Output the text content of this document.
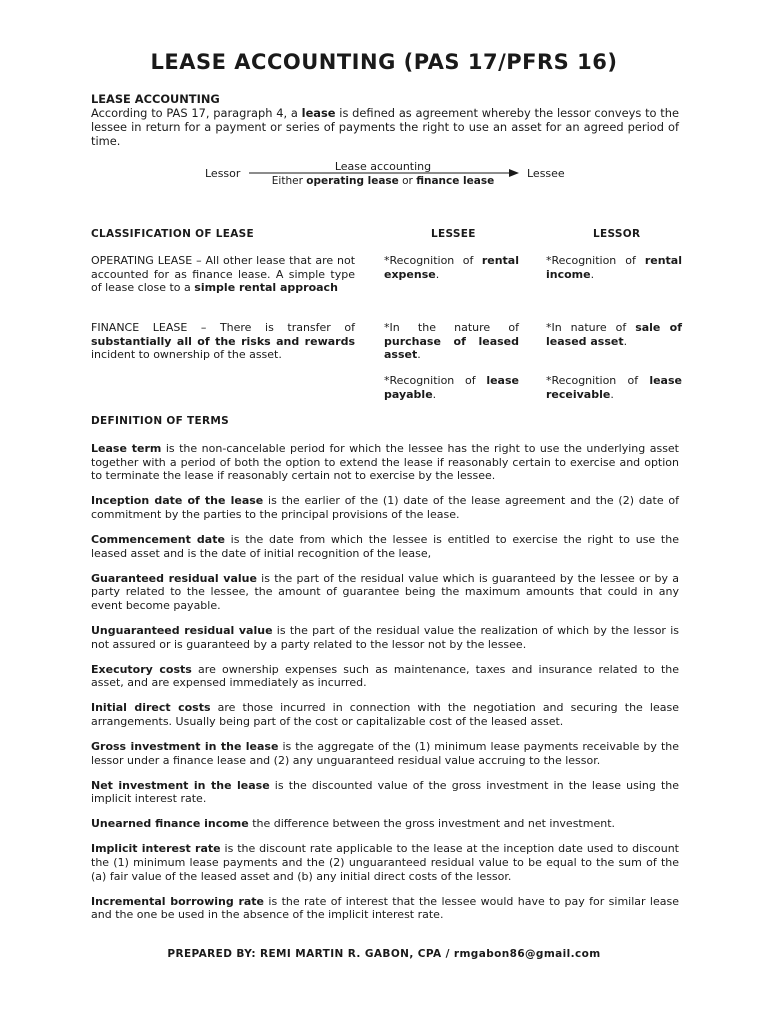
LEASE ACCOUNTING (PAS 17/PFRS 16)
LEASE ACCOUNTING

According to PAS 17, paragraph 4, a lease is defined as agreement whereby the lessor conveys to the lessee in return for a payment or series of payments the right to use an asset for an agreed period of time.

Lessor
Lease accounting
Either operating lease or finance lease
Lessee
CLASSIFICATION OF LEASE	LESSEE	LESSOR
OPERATING LEASE – All other lease that are not accounted for as finance lease. A simple type of lease close to a simple rental approach
*Recognition of rental expense.
*Recognition of rental income.
FINANCE LEASE – There is transfer of substantially all of the risks and rewards incident to ownership of the asset.
*In the nature of purchase of leased asset.
*In nature of sale of leased asset.
*Recognition of lease payable.
*Recognition of lease receivable.
DEFINITION OF TERMS

Lease term is the non-cancelable period for which the lessee has the right to use the underlying asset together with a period of both the option to extend the lease if reasonably certain to exercise and option to terminate the lease if reasonably certain not to exercise by the lessee.

Inception date of the lease is the earlier of the (1) date of the lease agreement and the (2) date of commitment by the parties to the principal provisions of the lease.

Commencement date is the date from which the lessee is entitled to exercise the right to use the leased asset and is the date of initial recognition of the lease,

Guaranteed residual value is the part of the residual value which is guaranteed by the lessee or by a party related to the lessee, the amount of guarantee being the maximum amounts that could in any event become payable.

Unguaranteed residual value is the part of the residual value the realization of which by the lessor is not assured or is guaranteed by a party related to the lessor not by the lessee.

Executory costs are ownership expenses such as maintenance, taxes and insurance related to the asset, and are expensed immediately as incurred.

Initial direct costs are those incurred in connection with the negotiation and securing the lease arrangements. Usually being part of the cost or capitalizable cost of the leased asset.

Gross investment in the lease is the aggregate of the (1) minimum lease payments receivable by the lessor under a finance lease and (2) any unguaranteed residual value accruing to the lessor.

Net investment in the lease is the discounted value of the gross investment in the lease using the implicit interest rate.

Unearned finance income the difference between the gross investment and net investment.

Implicit interest rate is the discount rate applicable to the lease at the inception date used to discount the (1) minimum lease payments and the (2) unguaranteed residual value to be equal to the sum of the (a) fair value of the leased asset and (b) any initial direct costs of the lessor.

Incremental borrowing rate is the rate of interest that the lessee would have to pay for similar lease and the one be used in the absence of the implicit interest rate.

PREPARED BY: REMI MARTIN R. GABON, CPA / rmgabon86@gmail.com
